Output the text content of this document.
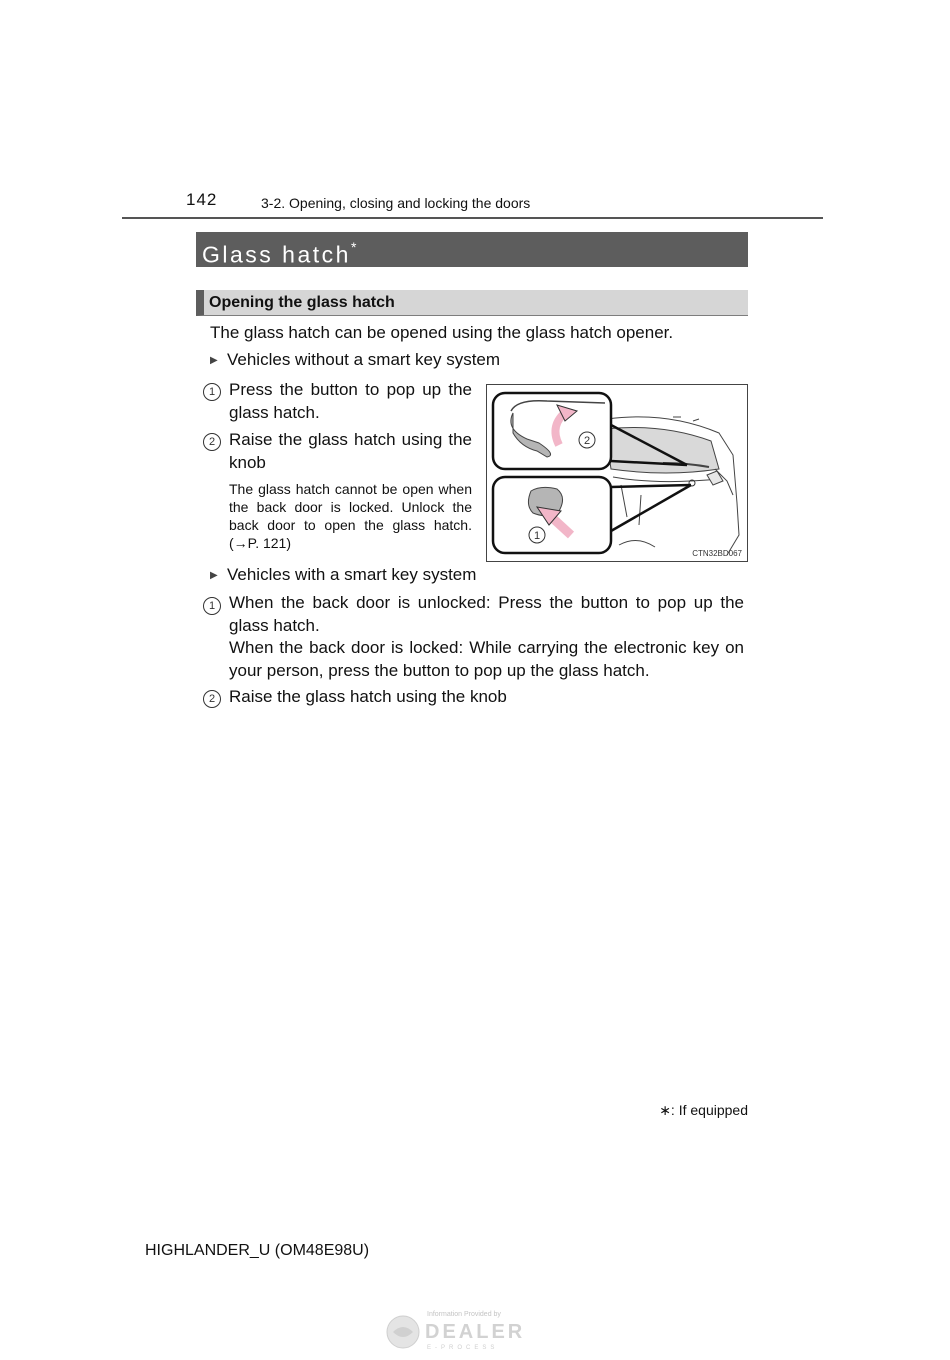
142	3-2. Opening, closing and locking the doors
Glass hatch*
Opening the glass hatch
The glass hatch can be opened using the glass hatch opener.
▶ Vehicles without a smart key system
1 Press the button to pop up the glass hatch.
2 Raise the glass hatch using the knob
The glass hatch cannot be open when the back door is locked. Unlock the back door to open the glass hatch. (→P. 121)
2
1
CTN32BD067
▶ Vehicles with a smart key system
1 When the back door is unlocked: Press the button to pop up the glass hatch.
When the back door is locked: While carrying the electronic key on your person, press the button to pop up the glass hatch.
2 Raise the glass hatch using the knob
∗: If equipped
HIGHLANDER_U (OM48E98U)
Information Provided by
DEALER
E-PROCESS
